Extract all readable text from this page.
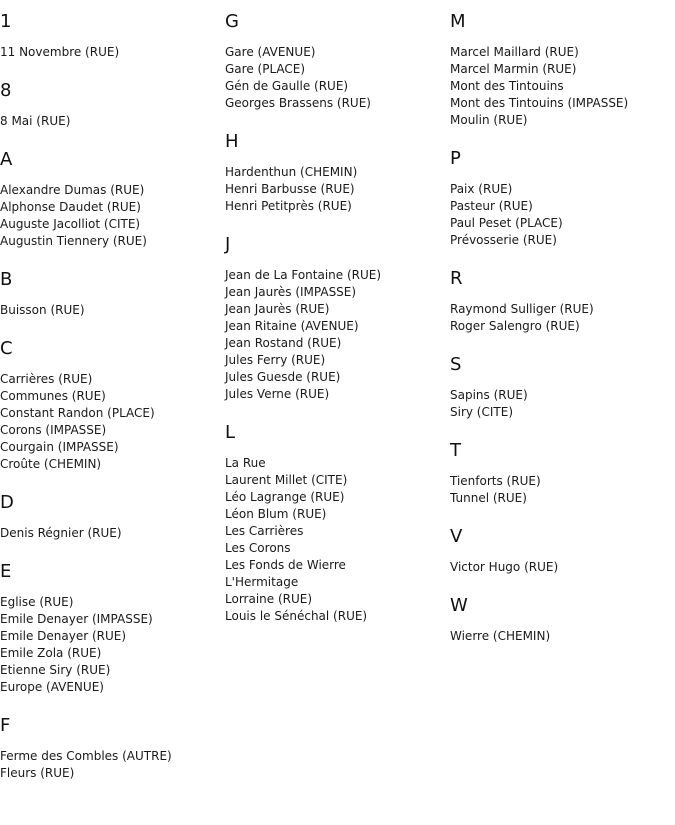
1
11 Novembre (RUE)
8
8 Mai (RUE)
A
Alexandre Dumas (RUE)
Alphonse Daudet (RUE)
Auguste Jacolliot (CITE)
Augustin Tiennery (RUE)
B
Buisson (RUE)
C
Carrières (RUE)
Communes (RUE)
Constant Randon (PLACE)
Corons (IMPASSE)
Courgain (IMPASSE)
Croûte (CHEMIN)
D
Denis Régnier (RUE)
E
Eglise (RUE)
Emile Denayer (IMPASSE)
Emile Denayer (RUE)
Emile Zola (RUE)
Etienne Siry (RUE)
Europe (AVENUE)
F
Ferme des Combles (AUTRE)
Fleurs (RUE)
G
Gare (AVENUE)
Gare (PLACE)
Gén de Gaulle (RUE)
Georges Brassens (RUE)
H
Hardenthun (CHEMIN)
Henri Barbusse (RUE)
Henri Petitprès (RUE)
J
Jean de La Fontaine (RUE)
Jean Jaurès (IMPASSE)
Jean Jaurès (RUE)
Jean Ritaine (AVENUE)
Jean Rostand (RUE)
Jules Ferry (RUE)
Jules Guesde (RUE)
Jules Verne (RUE)
L
La Rue
Laurent Millet (CITE)
Léo Lagrange (RUE)
Léon Blum (RUE)
Les Carrières
Les Corons
Les Fonds de Wierre
L'Hermitage
Lorraine (RUE)
Louis le Sénéchal (RUE)
M
Marcel Maillard (RUE)
Marcel Marmin (RUE)
Mont des Tintouins
Mont des Tintouins (IMPASSE)
Moulin (RUE)
P
Paix (RUE)
Pasteur (RUE)
Paul Peset (PLACE)
Prévosserie (RUE)
R
Raymond Sulliger (RUE)
Roger Salengro (RUE)
S
Sapins (RUE)
Siry (CITE)
T
Tienforts (RUE)
Tunnel (RUE)
V
Victor Hugo (RUE)
W
Wierre (CHEMIN)
